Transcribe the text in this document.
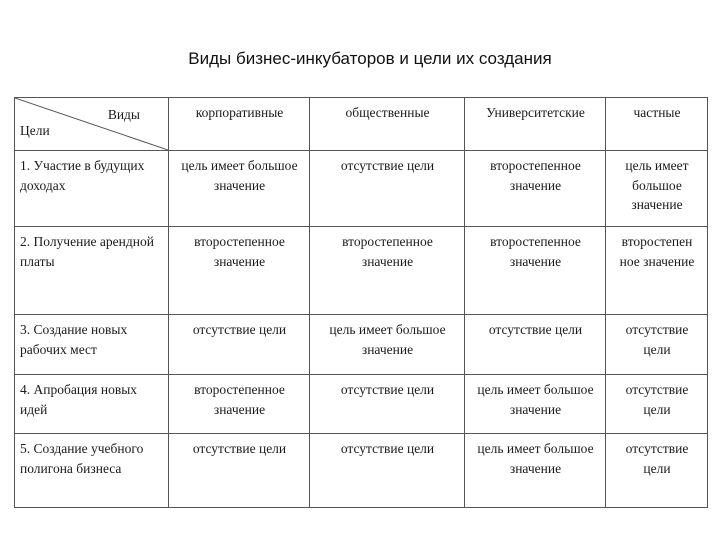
Виды бизнес-инкубаторов и цели их создания
Виды
Цели	корпоративные	общественные	Университетские	частные
1. Участие в будущих доходах	цель имеет большое значение	отсутствие цели	второстепенное значение	цель имеет большое значение
2. Получение арендной платы	второстепенное значение	второстепенное значение	второстепенное значение	второстепен ное значение
3. Создание новых рабочих мест	отсутствие цели	цель имеет большое значение	отсутствие цели	отсутствие цели
4. Апробация новых идей	второстепенное значение	отсутствие цели	цель имеет большое значение	отсутствие цели
5. Создание учебного полигона бизнеса	отсутствие цели	отсутствие цели	цель имеет большое значение	отсутствие цели
